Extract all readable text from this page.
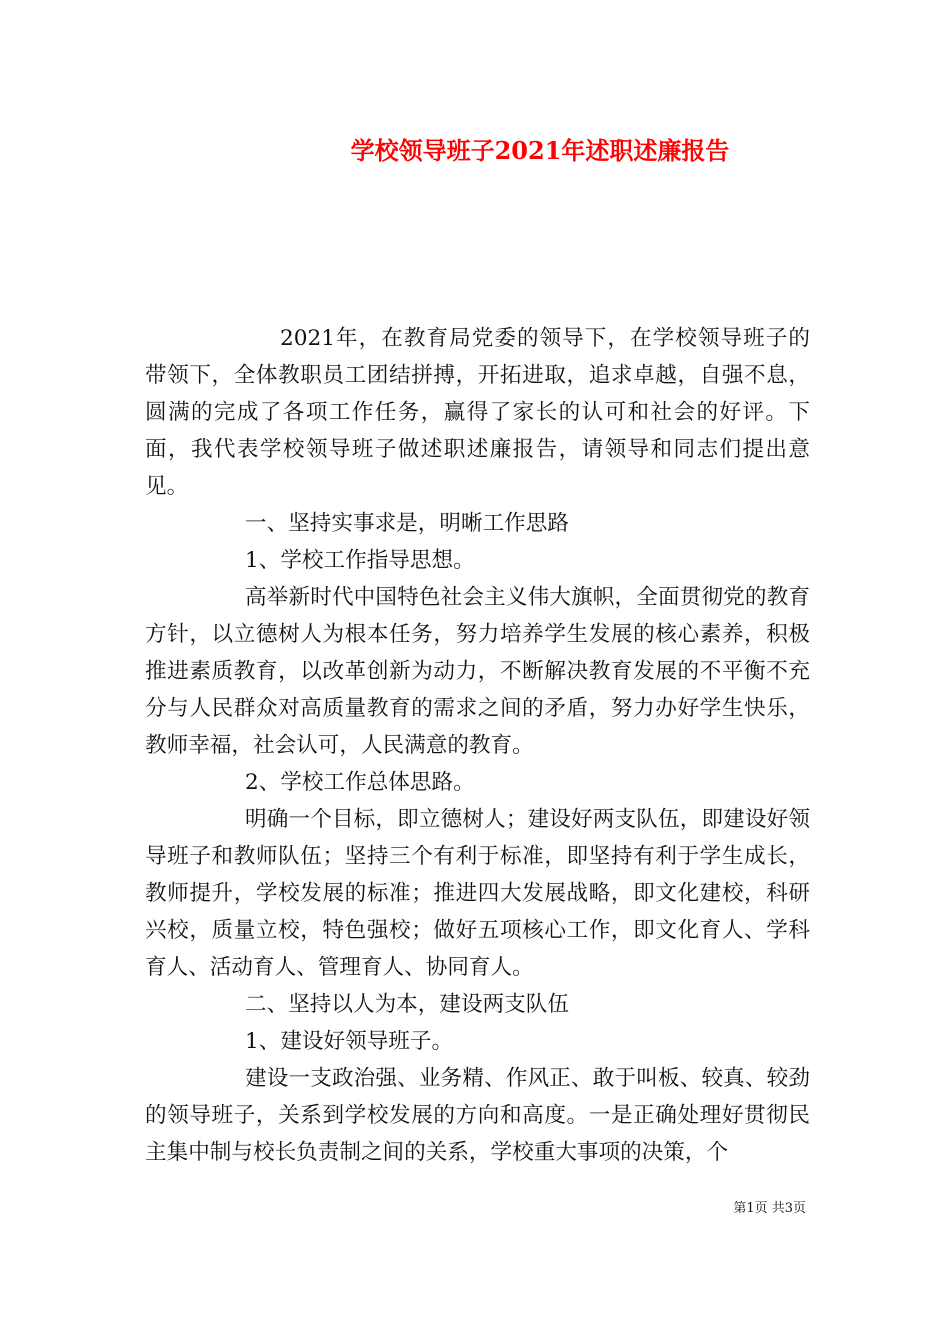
学校领导班子2021年述职述廉报告

2021年，在教育局党委的领导下，在学校领导班子的带领下，全体教职员工团结拼搏，开拓进取，追求卓越，自强不息，圆满的完成了各项工作任务，赢得了家长的认可和社会的好评。下面，我代表学校领导班子做述职述廉报告，请领导和同志们提出意见。

一、坚持实事求是，明晰工作思路

1、学校工作指导思想。

高举新时代中国特色社会主义伟大旗帜，全面贯彻党的教育方针，以立德树人为根本任务，努力培养学生发展的核心素养，积极推进素质教育，以改革创新为动力，不断解决教育发展的不平衡不充分与人民群众对高质量教育的需求之间的矛盾，努力办好学生快乐，教师幸福，社会认可，人民满意的教育。

2、学校工作总体思路。

明确一个目标，即立德树人；建设好两支队伍，即建设好领导班子和教师队伍；坚持三个有利于标准，即坚持有利于学生成长，教师提升，学校发展的标准；推进四大发展战略，即文化建校，科研兴校，质量立校，特色强校；做好五项核心工作，即文化育人、学科育人、活动育人、管理育人、协同育人。

二、坚持以人为本，建设两支队伍

1、建设好领导班子。

建设一支政治强、业务精、作风正、敢于叫板、较真、较劲的领导班子，关系到学校发展的方向和高度。一是正确处理好贯彻民主集中制与校长负责制之间的关系，学校重大事项的决策，个

第1页 共3页
